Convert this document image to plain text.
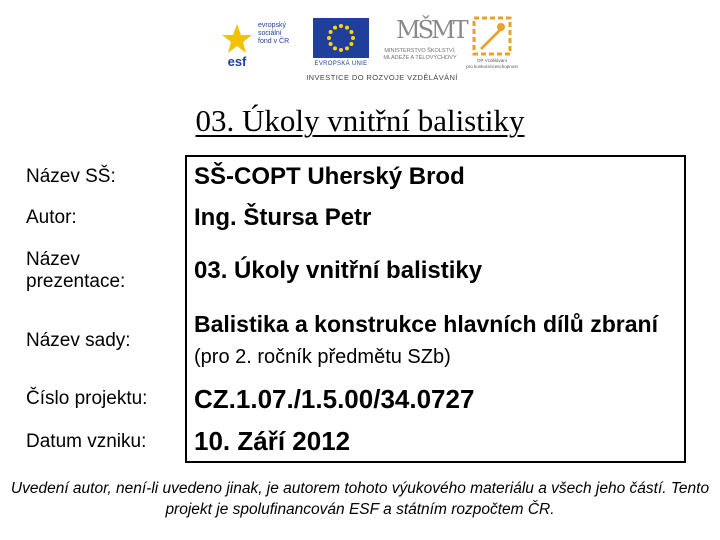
esf
evropský
sociální
fond v ČR
EVROPSKÁ UNIE
MŠMT
MINISTERSTVO ŠKOLSTVÍ,
MLÁDEŽE A TĚLOVÝCHOVY	OP Vzdělávání
pro konkurenceschopnost
INVESTICE DO ROZVOJE VZDĚLÁVÁNÍ
03. Úkoly vnitřní balistiky
Název SŠ:	SŠ-COPT Uherský Brod
Autor:	Ing. Štursa Petr
Název prezentace:	03. Úkoly vnitřní balistiky
Název sady:	Balistika a konstrukce hlavních dílů zbraní (pro 2. ročník předmětu SZb)
Číslo projektu:	CZ.1.07./1.5.00/34.0727
Datum vzniku:	10. Září 2012
Uvedení autor, není-li uvedeno jinak, je autorem tohoto výukového materiálu a všech jeho částí. Tento projekt je spolufinancován ESF a státním rozpočtem ČR.
